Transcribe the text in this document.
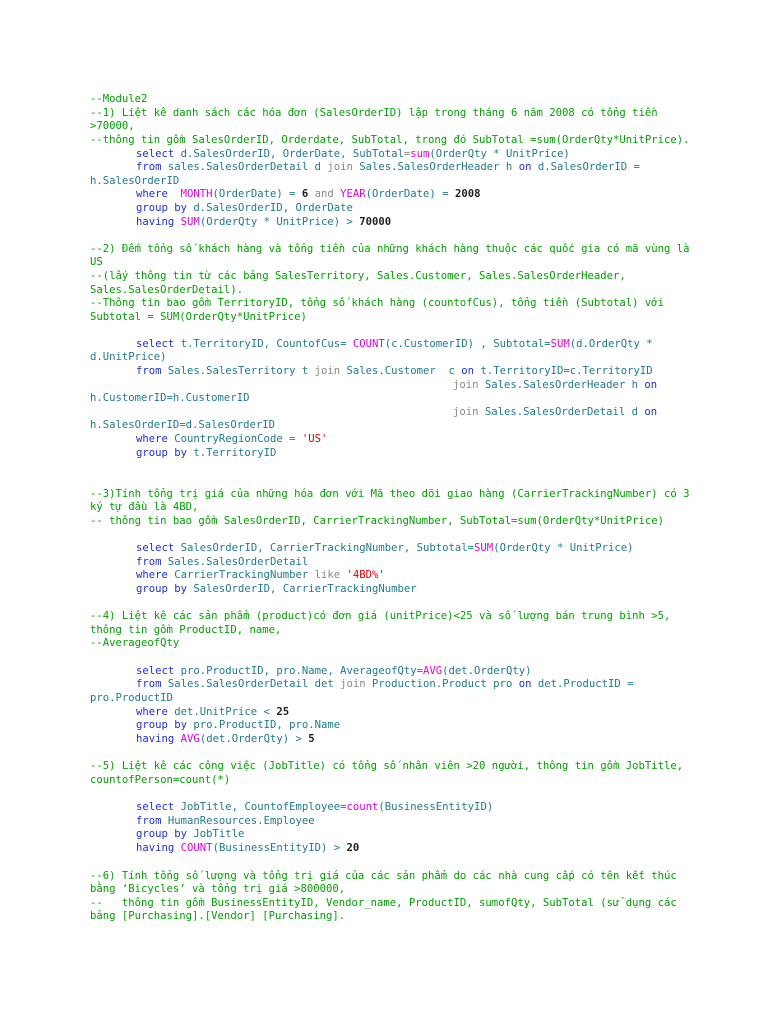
--Module2
--1) Liệt kê danh sách các hóa đơn (SalesOrderID) lập trong tháng 6 năm 2008 có tổng tiền
>70000,
--thông tin gồm SalesOrderID, Orderdate, SubTotal, trong đó SubTotal =sum(OrderQty*UnitPrice).
select d.SalesOrderID, OrderDate, SubTotal=sum(OrderQty * UnitPrice)
from sales.SalesOrderDetail d join Sales.SalesOrderHeader h on d.SalesOrderID =
h.SalesOrderID
where MONTH(OrderDate) = 6 and YEAR(OrderDate) = 2008
group by d.SalesOrderID, OrderDate
having SUM(OrderQty * UnitPrice) > 70000
--2) Đếm tổng số khách hàng và tổng tiền của những khách hàng thuộc các quốc gia có mã vùng là
US
--(lấy thông tin từ các bảng SalesTerritory, Sales.Customer, Sales.SalesOrderHeader,
Sales.SalesOrderDetail).
--Thông tin bao gồm TerritoryID, tổng số khách hàng (countofCus), tổng tiền (Subtotal) với
Subtotal = SUM(OrderQty*UnitPrice)
select t.TerritoryID, CountofCus= COUNT(c.CustomerID) , Subtotal=SUM(d.OrderQty *
d.UnitPrice)
from Sales.SalesTerritory t join Sales.Customer  c on t.TerritoryID=c.TerritoryID
join Sales.SalesOrderHeader h on
h.CustomerID=h.CustomerID
join Sales.SalesOrderDetail d on
h.SalesOrderID=d.SalesOrderID
where CountryRegionCode = 'US'
group by t.TerritoryID
--3)Tính tổng trị giá của những hóa đơn với Mã theo dõi giao hàng (CarrierTrackingNumber) có 3
ký tự đầu là 4BD,
-- thông tin bao gồm SalesOrderID, CarrierTrackingNumber, SubTotal=sum(OrderQty*UnitPrice)
select SalesOrderID, CarrierTrackingNumber, Subtotal=SUM(OrderQty * UnitPrice)
from Sales.SalesOrderDetail
where CarrierTrackingNumber like '4BD%'
group by SalesOrderID, CarrierTrackingNumber
--4) Liệt kê các sản phẩm (product)có đơn giá (unitPrice)<25 và số lượng bán trung bình >5,
thông tin gồm ProductID, name,
--AverageofQty
select pro.ProductID, pro.Name, AverageofQty=AVG(det.OrderQty)
from Sales.SalesOrderDetail det join Production.Product pro on det.ProductID =
pro.ProductID
where det.UnitPrice < 25
group by pro.ProductID, pro.Name
having AVG(det.OrderQty) > 5
--5) Liệt kê các công việc (JobTitle) có tổng số nhân viên >20 người, thông tin gồm JobTitle,
countofPerson=count(*)
select JobTitle, CountofEmployee=count(BusinessEntityID)
from HumanResources.Employee
group by JobTitle
having COUNT(BusinessEntityID) > 20
--6) Tính tổng số lượng và tổng trị giá của các sản phẩm do các nhà cung cấp có tên kết thúc
bằng ‘Bicycles’ và tổng trị giá >800000,
--   thông tin gồm BusinessEntityID, Vendor_name, ProductID, sumofQty, SubTotal (sử dụng các
bảng [Purchasing].[Vendor] [Purchasing].
